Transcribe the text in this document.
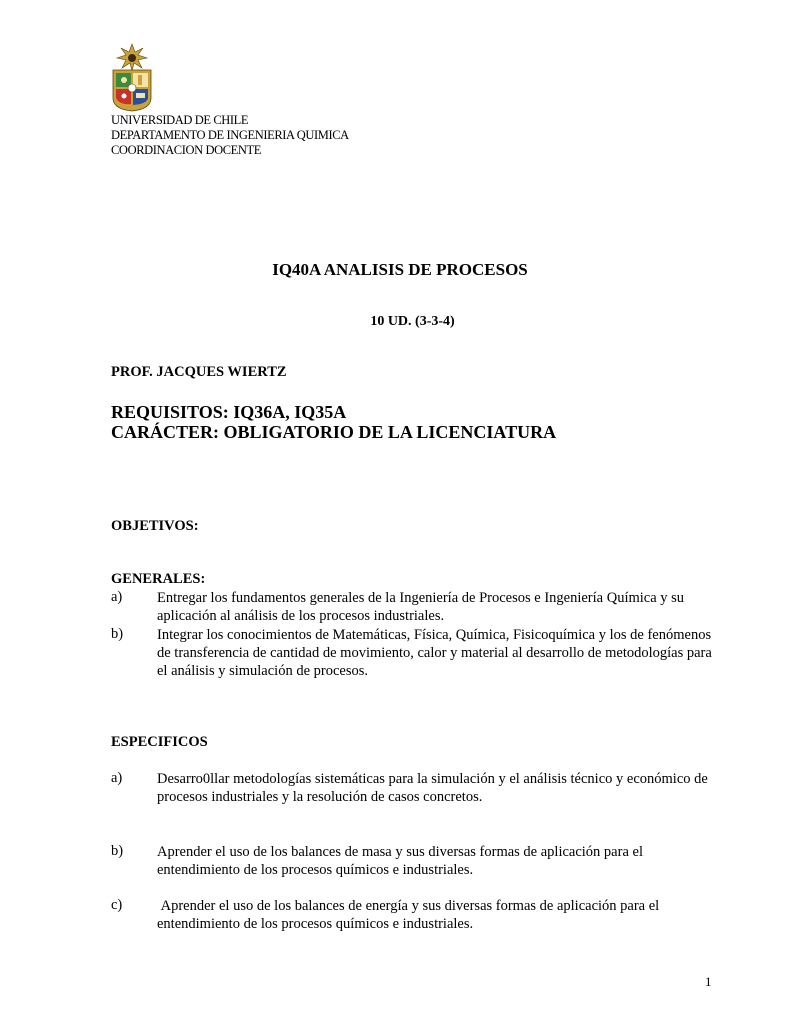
UNIVERSIDAD DE CHILE
DEPARTAMENTO DE INGENIERIA QUIMICA
COORDINACION DOCENTE
IQ40A ANALISIS DE PROCESOS
10 UD. (3-3-4)
PROF. JACQUES WIERTZ
REQUISITOS: IQ36A, IQ35A
CARÁCTER: OBLIGATORIO DE LA LICENCIATURA
OBJETIVOS:
GENERALES:
a) Entregar los fundamentos generales de la Ingeniería de Procesos e Ingeniería Química y su aplicación al análisis de los procesos industriales.
b) Integrar los conocimientos de Matemáticas, Física, Química, Fisicoquímica y los de fenómenos de transferencia de cantidad de movimiento, calor y material al desarrollo de metodologías para el análisis y simulación de procesos.
ESPECIFICOS
a) Desarro0llar metodologías sistemáticas para la simulación y el análisis técnico y económico de procesos industriales y la resolución de casos concretos.
b) Aprender el uso de los balances de masa y sus diversas formas de aplicación para el entendimiento de los procesos químicos e industriales.
c) Aprender el uso de los balances de energía y sus diversas formas de aplicación para el entendimiento de los procesos químicos e industriales.
1
